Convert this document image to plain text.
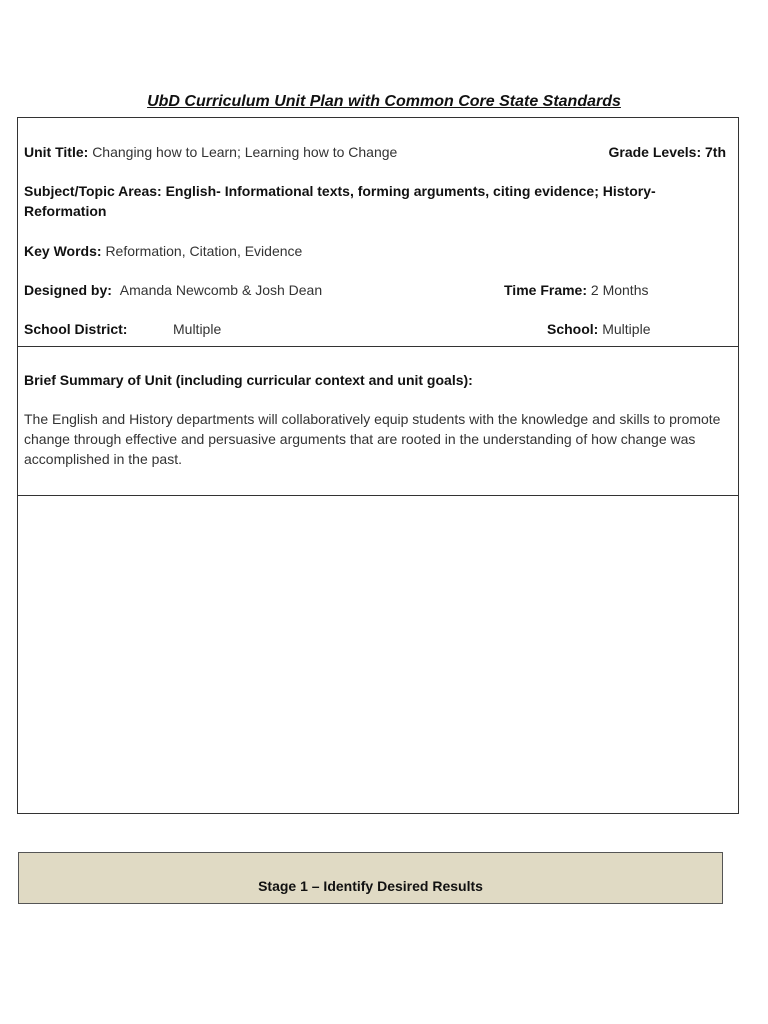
UbD Curriculum Unit Plan with Common Core State Standards
Unit Title: Changing how to Learn; Learning how to Change	Grade Levels: 7th
Subject/Topic Areas: English- Informational texts, forming arguments, citing evidence; History- Reformation
Key Words: Reformation, Citation, Evidence
Designed by: Amanda Newcomb & Josh Dean	Time Frame: 2 Months
School District:	Multiple	School: Multiple
Brief Summary of Unit (including curricular context and unit goals):
The English and History departments will collaboratively equip students with the knowledge and skills to promote change through effective and persuasive arguments that are rooted in the understanding of how change was accomplished in the past.
Stage 1 – Identify Desired Results
